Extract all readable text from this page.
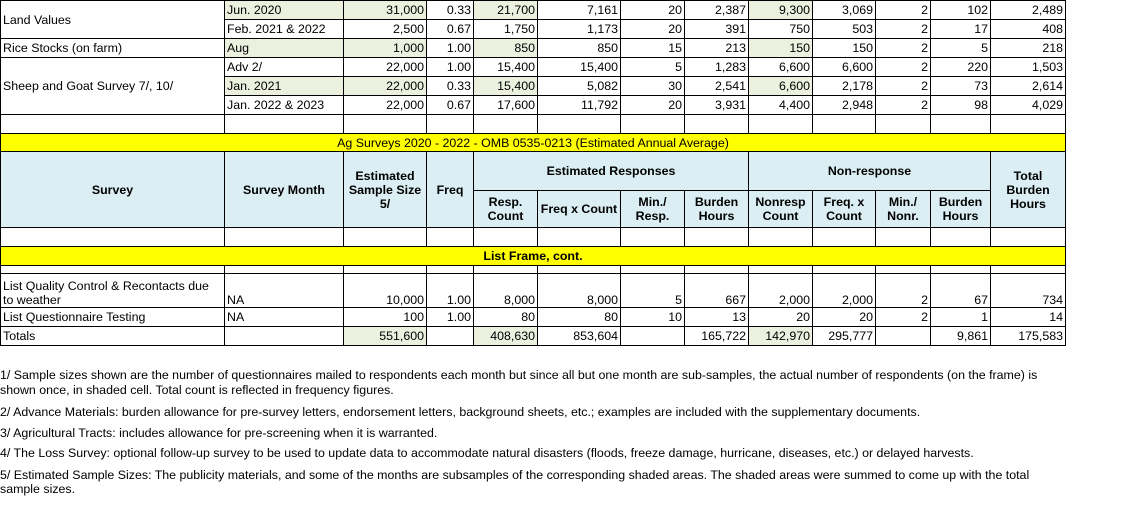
Land Values	Jun. 2020	31,000	0.33	21,700	7,161	20	2,387	9,300	3,069	2	102	2,489
	Feb. 2021 & 2022	2,500	0.67	1,750	1,173	20	391	750	503	2	17	408
Rice Stocks (on farm)	Aug	1,000	1.00	850	850	15	213	150	150	2	5	218
Sheep and Goat Survey 7/, 10/	Adv 2/	22,000	1.00	15,400	15,400	5	1,283	6,600	6,600	2	220	1,503
	Jan. 2021	22,000	0.33	15,400	5,082	30	2,541	6,600	2,178	2	73	2,614
	Jan. 2022 & 2023	22,000	0.67	17,600	11,792	20	3,931	4,400	2,948	2	98	4,029

Ag Surveys 2020 - 2022 - OMB 0535-0213 (Estimated Annual Average)												
Survey	Survey Month	Estimated Sample Size 5/	Freq	Estimated Responses				Non-response				Total Burden Hours
				Resp. Count	Freq x Count	Min./ Resp.	Burden Hours	Nonresp Count	Freq. x Count	Min./ Nonr.	Burden Hours	

List Frame, cont.												

List Quality Control & Recontacts due to weather	NA	10,000	1.00	8,000	8,000	5	667	2,000	2,000	2	67	734
List Questionnaire Testing	NA	100	1.00	80	80	10	13	20	20	2	1	14
Totals		551,600		408,630	853,604		165,722	142,970	295,777		9,861	175,583

1/ Sample sizes shown are the number of questionnaires mailed to respondents each month but since all but one month are sub-samples, the actual number of respondents (on the frame) is shown once, in shaded cell. Total count is reflected in frequency figures.

2/ Advance Materials: burden allowance for pre-survey letters, endorsement letters, background sheets, etc.; examples are included with the supplementary documents.

3/ Agricultural Tracts: includes allowance for pre-screening when it is warranted.

4/ The Loss Survey: optional follow-up survey to be used to update data to accommodate natural disasters (floods, freeze damage, hurricane, diseases, etc.) or delayed harvests.

5/ Estimated Sample Sizes: The publicity materials, and some of the months are subsamples of the corresponding shaded areas. The shaded areas were summed to come up with the total sample sizes.
